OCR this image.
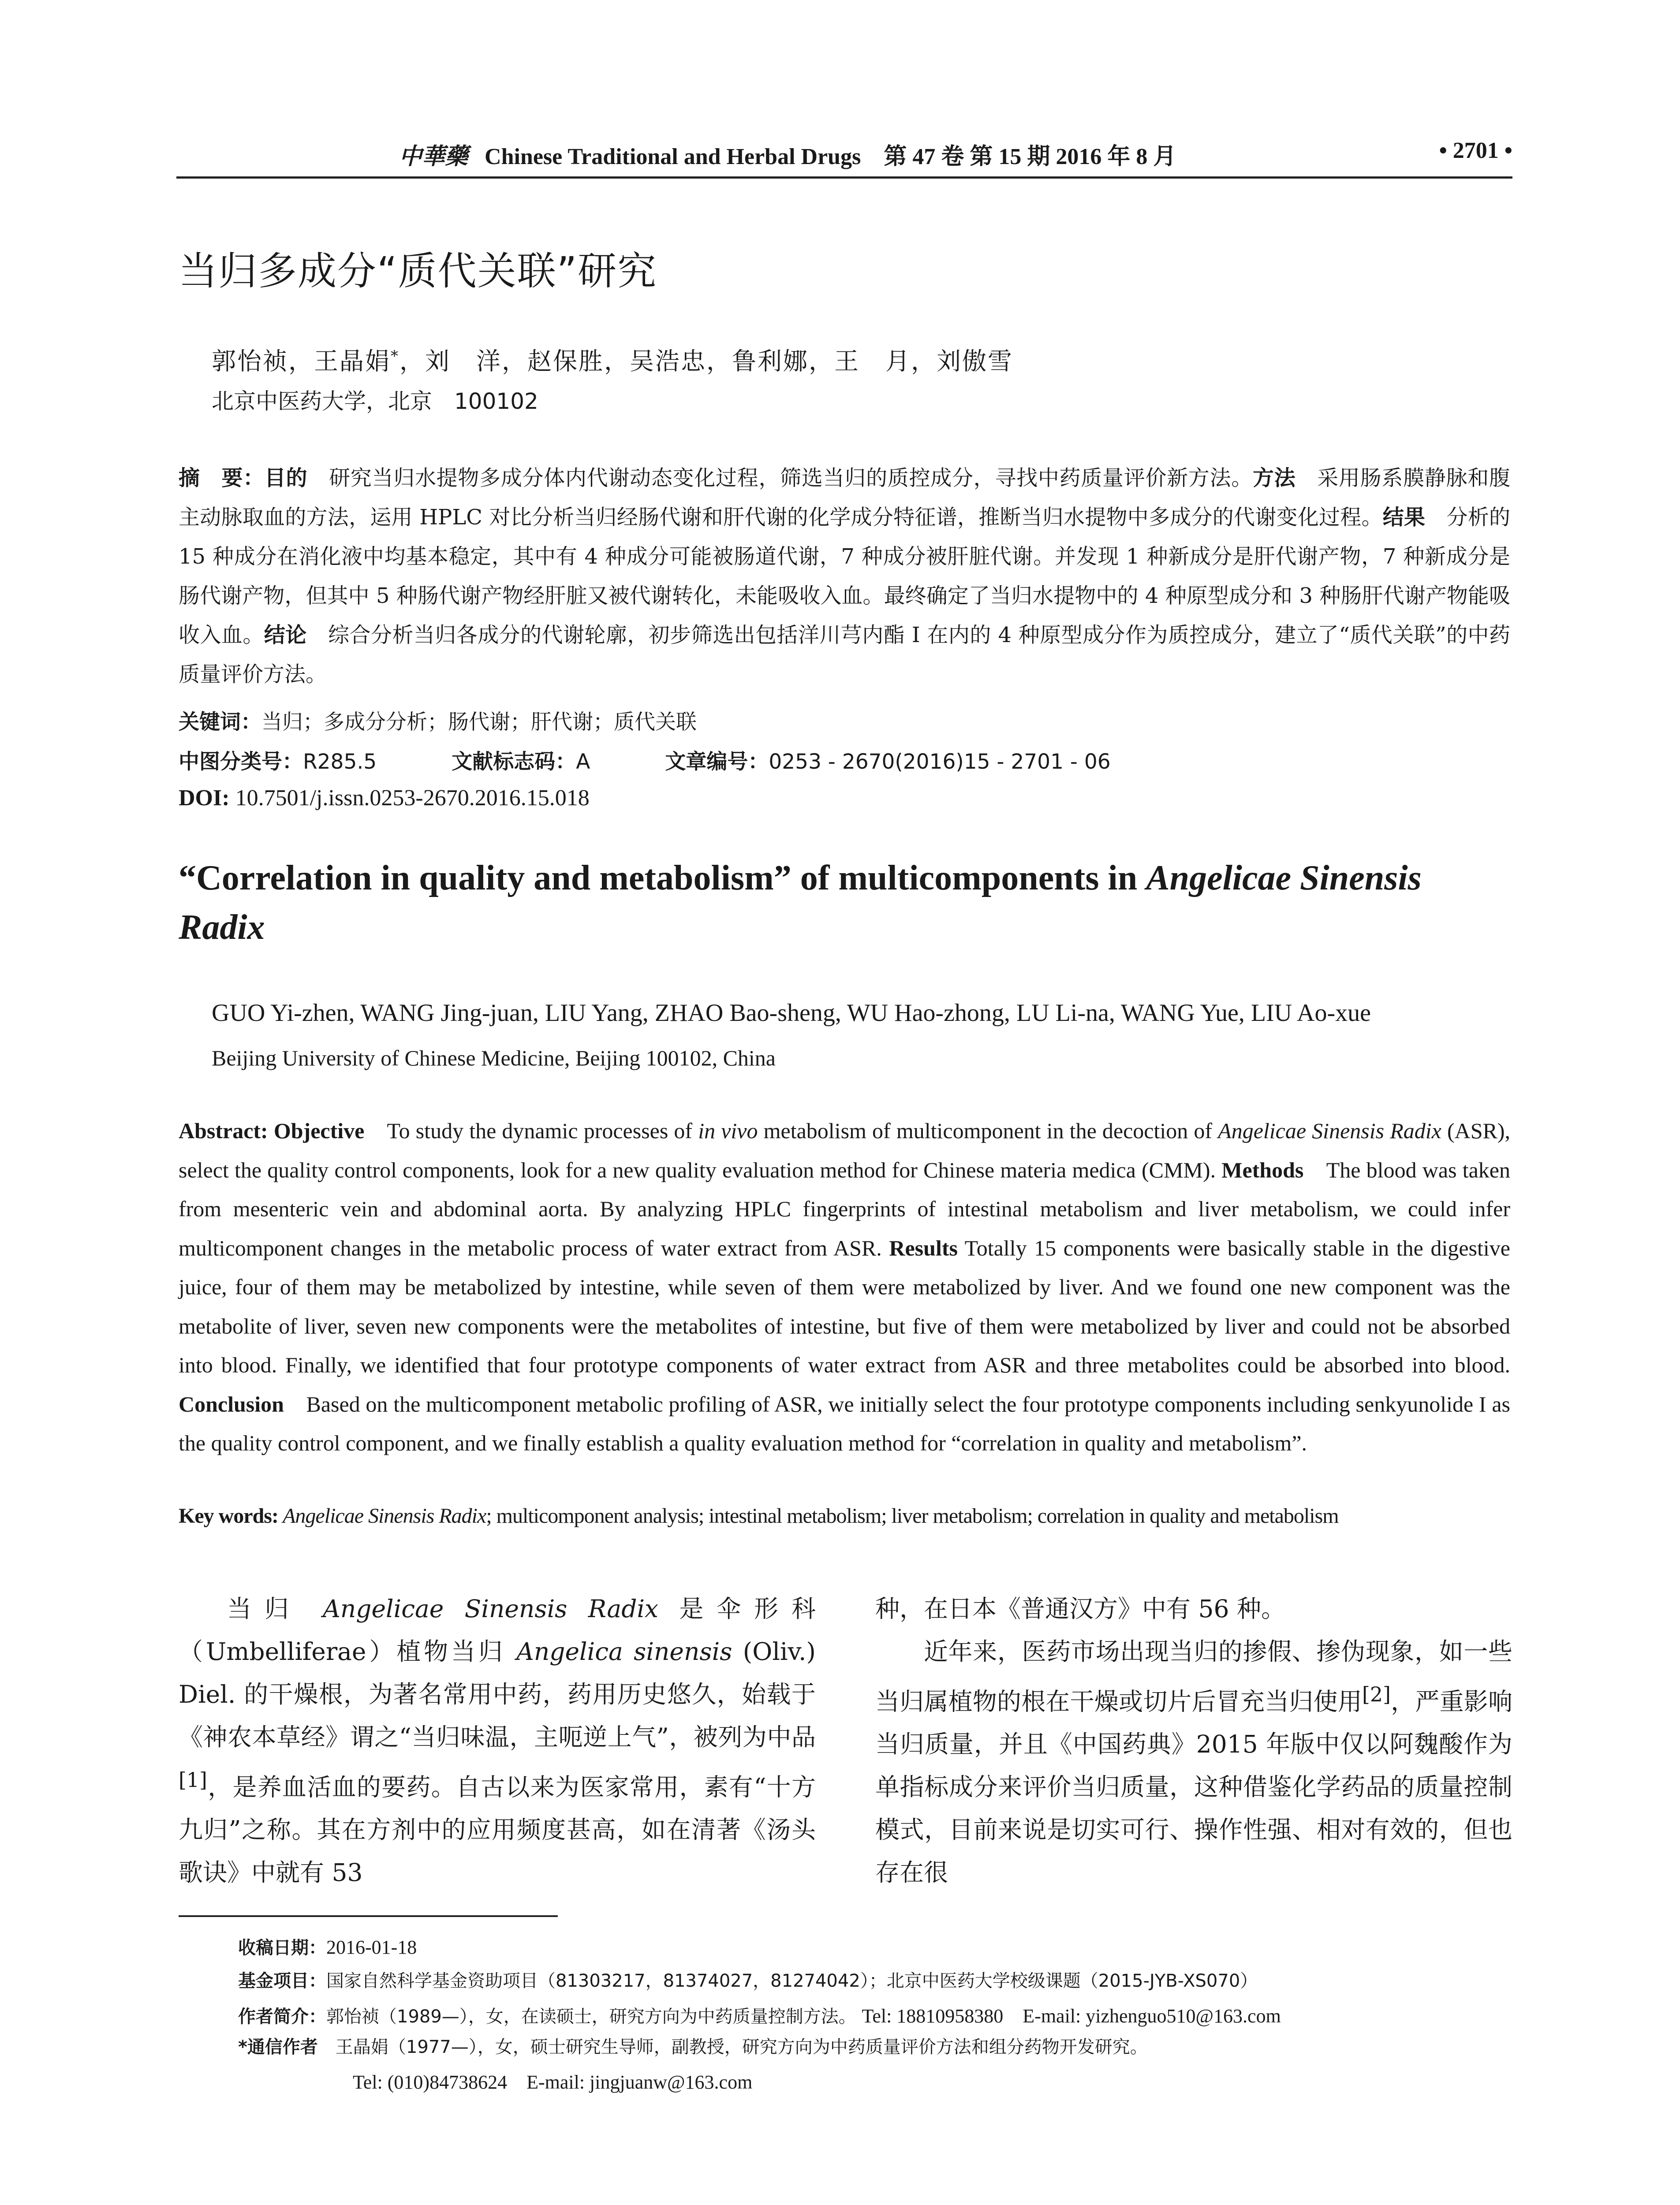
中華藥 Chinese Traditional and Herbal Drugs　第 47 卷 第 15 期 2016 年 8 月	• 2701 •
当归多成分“质代关联”研究
郭怡祯，王晶娟*，刘　洋，赵保胜，吴浩忠，鲁利娜，王　月，刘傲雪
北京中医药大学，北京　100102
摘　要：目的　研究当归水提物多成分体内代谢动态变化过程，筛选当归的质控成分，寻找中药质量评价新方法。方法　采用肠系膜静脉和腹主动脉取血的方法，运用 HPLC 对比分析当归经肠代谢和肝代谢的化学成分特征谱，推断当归水提物中多成分的代谢变化过程。结果　分析的 15 种成分在消化液中均基本稳定，其中有 4 种成分可能被肠道代谢，7 种成分被肝脏代谢。并发现 1 种新成分是肝代谢产物，7 种新成分是肠代谢产物，但其中 5 种肠代谢产物经肝脏又被代谢转化，未能吸收入血。最终确定了当归水提物中的 4 种原型成分和 3 种肠肝代谢产物能吸收入血。结论　综合分析当归各成分的代谢轮廓，初步筛选出包括洋川芎内酯 I 在内的 4 种原型成分作为质控成分，建立了“质代关联”的中药质量评价方法。
关键词：当归；多成分分析；肠代谢；肝代谢；质代关联
中图分类号：R285.5	文献标志码：A	文章编号：0253 - 2670(2016)15 - 2701 - 06
DOI: 10.7501/j.issn.0253-2670.2016.15.018
“Correlation in quality and metabolism” of multicomponents in Angelicae Sinensis Radix
GUO Yi-zhen, WANG Jing-juan, LIU Yang, ZHAO Bao-sheng, WU Hao-zhong, LU Li-na, WANG Yue, LIU Ao-xue
Beijing University of Chinese Medicine, Beijing 100102, China
Abstract: Objective　To study the dynamic processes of in vivo metabolism of multicomponent in the decoction of Angelicae Sinensis Radix (ASR), select the quality control components, look for a new quality evaluation method for Chinese materia medica (CMM). Methods　The blood was taken from mesenteric vein and abdominal aorta. By analyzing HPLC fingerprints of intestinal metabolism and liver metabolism, we could infer multicomponent changes in the metabolic process of water extract from ASR. Results Totally 15 components were basically stable in the digestive juice, four of them may be metabolized by intestine, while seven of them were metabolized by liver. And we found one new component was the metabolite of liver, seven new components were the metabolites of intestine, but five of them were metabolized by liver and could not be absorbed into blood. Finally, we identified that four prototype components of water extract from ASR and three metabolites could be absorbed into blood. Conclusion　Based on the multicomponent metabolic profiling of ASR, we initially select the four prototype components including senkyunolide I as the quality control component, and we finally establish a quality evaluation method for “correlation in quality and metabolism”.
Key words: Angelicae Sinensis Radix; multicomponent analysis; intestinal metabolism; liver metabolism; correlation in quality and metabolism

当归 Angelicae Sinensis Radix 是伞形科（Umbelliferae）植物当归 Angelica sinensis (Oliv.) Diel. 的干燥根，为著名常用中药，药用历史悠久，始载于《神农本草经》谓之“当归味温，主呃逆上气”，被列为中品[1]，是养血活血的要药。自古以来为医家常用，素有“十方九归”之称。其在方剂中的应用频度甚高，如在清著《汤头歌诀》中就有 53

种，在日本《普通汉方》中有 56 种。

近年来，医药市场出现当归的掺假、掺伪现象，如一些当归属植物的根在干燥或切片后冒充当归使用[2]，严重影响当归质量，并且《中国药典》2015 年版中仅以阿魏酸作为单指标成分来评价当归质量，这种借鉴化学药品的质量控制模式，目前来说是切实可行、操作性强、相对有效的，但也存在很

收稿日期：2016-01-18
基金项目：国家自然科学基金资助项目（81303217，81374027，81274042）；北京中医药大学校级课题（2015-JYB-XS070）
作者简介：郭怡祯（1989—），女，在读硕士，研究方向为中药质量控制方法。 Tel: 18810958380　E-mail: yizhenguo510@163.com
*通信作者　王晶娟（1977—），女，硕士研究生导师，副教授，研究方向为中药质量评价方法和组分药物开发研究。
Tel: (010)84738624　E-mail: jingjuanw@163.com
